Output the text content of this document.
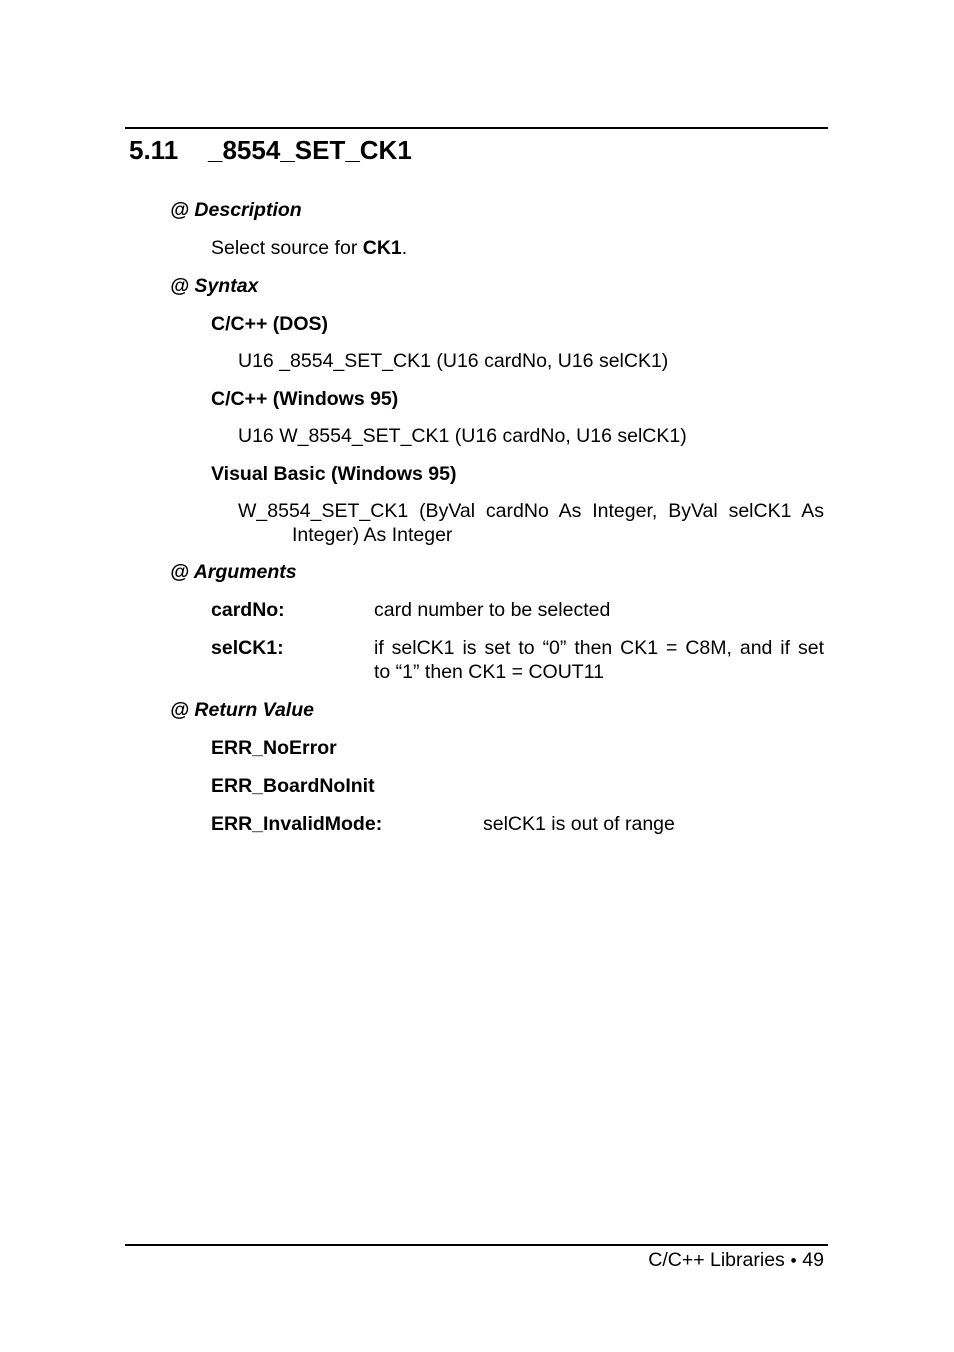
5.11 _8554_SET_CK1
@ Description
Select source for CK1.
@ Syntax
C/C++ (DOS)
U16 _8554_SET_CK1 (U16 cardNo, U16 selCK1)
C/C++ (Windows 95)
U16 W_8554_SET_CK1 (U16 cardNo, U16 selCK1)
Visual Basic (Windows 95)
W_8554_SET_CK1 (ByVal cardNo As Integer, ByVal selCK1 As
Integer) As Integer
@ Arguments
cardNo:	card number to be selected
selCK1:	if selCK1 is set to “0” then CK1 = C8M, and if set
to “1” then CK1 = COUT11
@ Return Value
ERR_NoError
ERR_BoardNoInit
ERR_InvalidMode:	selCK1 is out of range
C/C++ Libraries ● 49
